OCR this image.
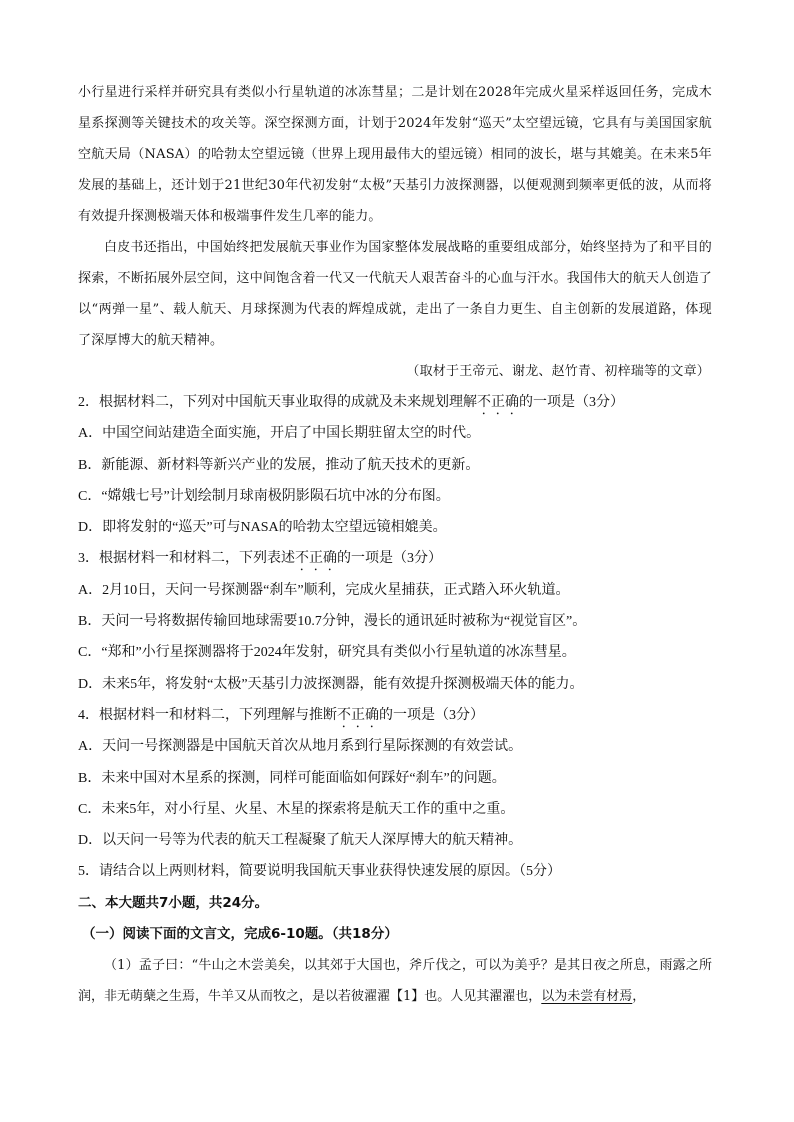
小行星进行采样并研究具有类似小行星轨道的冰冻彗星；二是计划在2028年完成火星采样返回任务，完成木星系探测等关键技术的攻关等。深空探测方面，计划于2024年发射“巡天”太空望远镜，它具有与美国国家航空航天局（NASA）的哈勃太空望远镜（世界上现用最伟大的望远镜）相同的波长，堪与其媲美。在未来5年发展的基础上，还计划于21世纪30年代初发射“太极”天基引力波探测器，以便观测到频率更低的波，从而将有效提升探测极端天体和极端事件发生几率的能力。

白皮书还指出，中国始终把发展航天事业作为国家整体发展战略的重要组成部分，始终坚持为了和平目的探索，不断拓展外层空间，这中间饱含着一代又一代航天人艰苦奋斗的心血与汗水。我国伟大的航天人创造了以“两弹一星”、载人航天、月球探测为代表的辉煌成就，走出了一条自力更生、自主创新的发展道路，体现了深厚博大的航天精神。

（取材于王帝元、谢龙、赵竹青、初梓瑞等的文章）

2．根据材料二，下列对中国航天事业取得的成就及未来规划理解不正确的一项是（3分）

A．中国空间站建造全面实施，开启了中国长期驻留太空的时代。

B．新能源、新材料等新兴产业的发展，推动了航天技术的更新。

C．“嫦娥七号”计划绘制月球南极阴影陨石坑中冰的分布图。

D．即将发射的“巡天”可与NASA的哈勃太空望远镜相媲美。

3．根据材料一和材料二，下列表述不正确的一项是（3分）

A．2月10日，天问一号探测器“刹车”顺利，完成火星捕获，正式踏入环火轨道。

B．天问一号将数据传输回地球需要10.7分钟，漫长的通讯延时被称为“视觉盲区”。

C．“郑和”小行星探测器将于2024年发射，研究具有类似小行星轨道的冰冻彗星。

D．未来5年，将发射“太极”天基引力波探测器，能有效提升探测极端天体的能力。

4．根据材料一和材料二，下列理解与推断不正确的一项是（3分）

A．天问一号探测器是中国航天首次从地月系到行星际探测的有效尝试。

B．未来中国对木星系的探测，同样可能面临如何踩好“刹车”的问题。

C．未来5年，对小行星、火星、木星的探索将是航天工作的重中之重。

D．以天问一号等为代表的航天工程凝聚了航天人深厚博大的航天精神。

5．请结合以上两则材料，简要说明我国航天事业获得快速发展的原因。（5分）

二、本大题共7小题，共24分。

（一）阅读下面的文言文，完成6-10题。（共18分）

（1）孟子曰：“牛山之木尝美矣，以其郊于大国也，斧斤伐之，可以为美乎？是其日夜之所息，雨露之所润，非无萌蘖之生焉，牛羊又从而牧之，是以若彼濯濯【1】也。人见其濯濯也，以为未尝有材焉，
